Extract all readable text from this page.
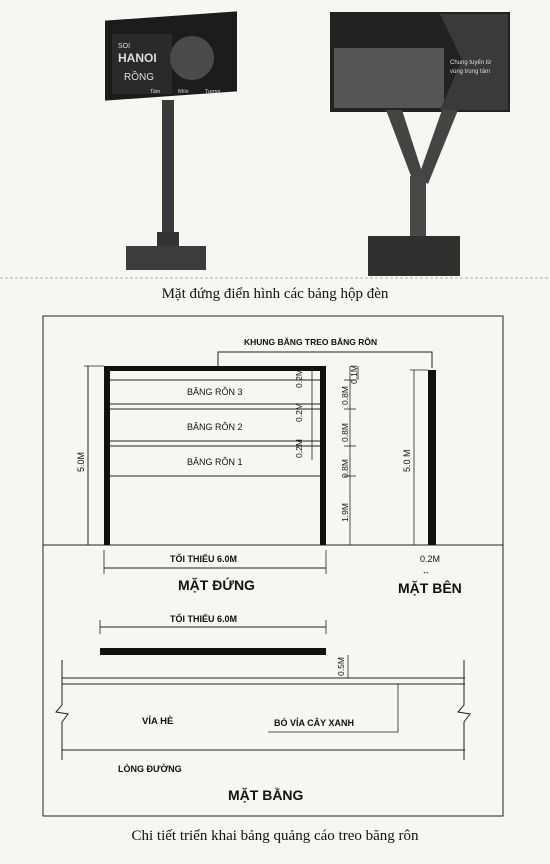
SOI
HANOI
RỒNG
Tầm	Nhìn	Tương
Chung tuyến từ
vùng trung tâm
BĂNG RÔN 3
BĂNG RÔN 2
BĂNG RÔN 1
KHUNG BĂNG TREO BĂNG RÔN
5.0M
0.2M
0.2M
0.2M
0.8M
0.1M
0.8M
0.8M
1.9M
TỐI THIỂU 6.0M
MẶT ĐỨNG
5.0 M
0.2M
↔
MẶT BÊN
TỐI THIỂU 6.0M
0.5M
VỈA HÈ	BÓ VỈA CÂY XANH
LÒNG ĐƯỜNG
MẶT BẰNG
Mặt đứng điển hình các bảng hộp đèn
Chi tiết triển khai bảng quảng cáo treo băng rôn
